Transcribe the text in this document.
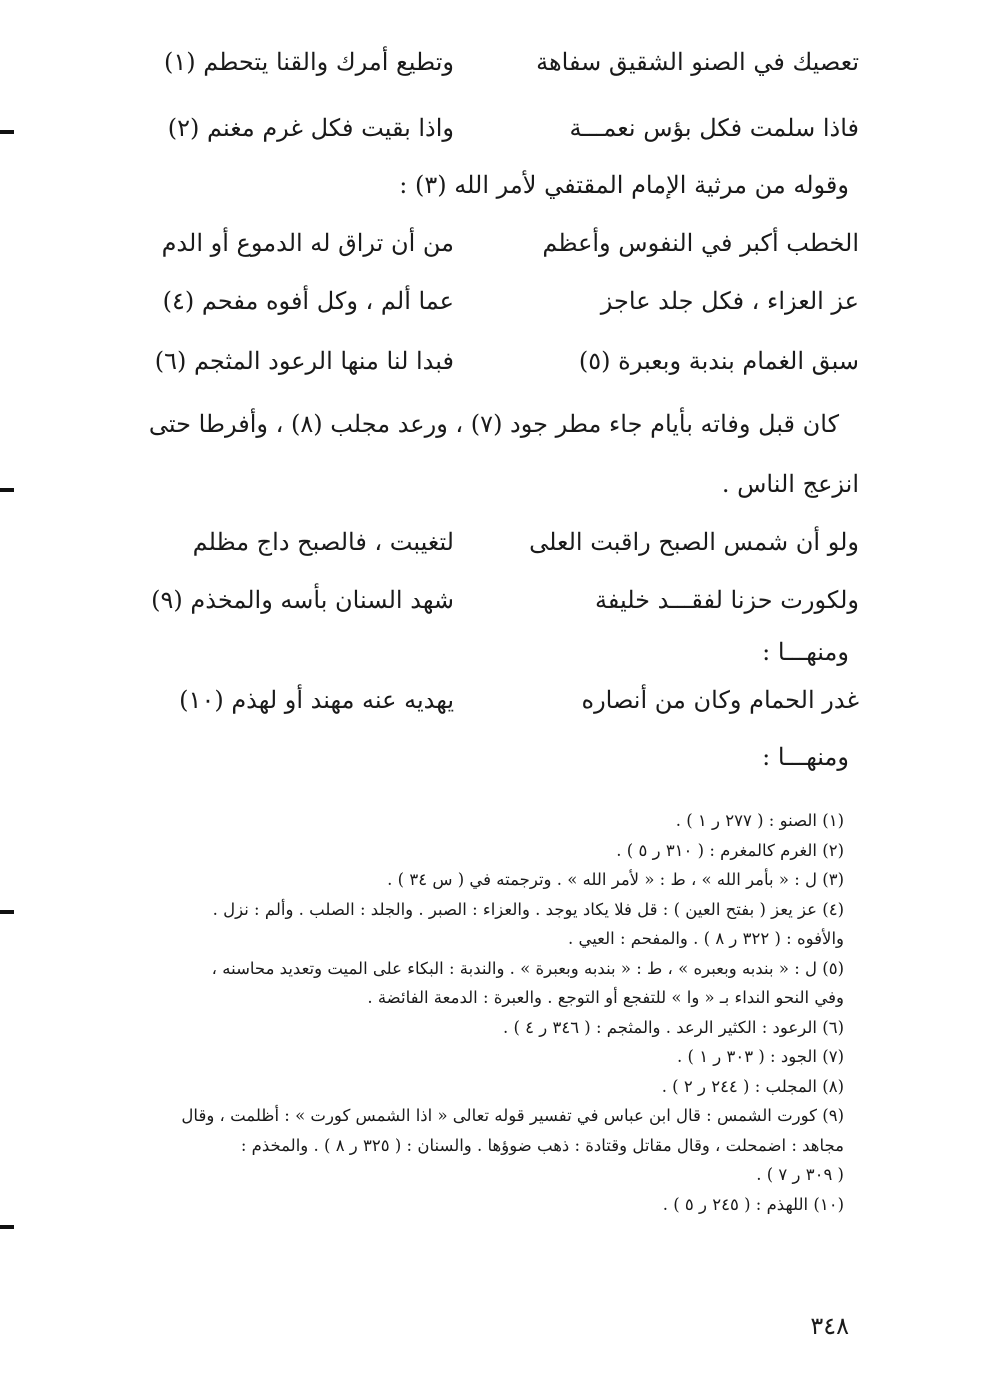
تعصيك في الصنو الشقيق سفاهة
وتطيع أمرك والقنا يتحطم (١)
فاذا سلمت فكل بؤس نعمـــة
واذا بقيت فكل غرم مغنم (٢)
وقوله من مرثية الإمام المقتفي لأمر الله (٣) :
الخطب أكبر في النفوس وأعظم
من أن تراق له الدموع أو الدم
عز العزاء ، فكل جلد عاجز
عما ألم ، وكل أفوه مفحم (٤)
سبق الغمام بندبة وبعبرة (٥)
فبدا لنا منها الرعود المثجم (٦)
كان قبل وفاته بأيام جاء مطر جود (٧) ، ورعد مجلب (٨) ، وأفرطا حتى
انزعج الناس .
ولو أن شمس الصبح راقبت العلى
لتغيبت ، فالصبح داج مظلم
ولكورت حزنا لفقـــد خليفة
شهد السنان بأسه والمخذم (٩)
ومنهـــا :
غدر الحمام وكان من أنصاره
يهديه عنه مهند أو لهذم (١٠)
ومنهـــا :
(١) الصنو : ( ٢٧٧ ر ١ ) .
(٢) الغرم كالمغرم : ( ٣١٠ ر ٥ ) .
(٣) ل : « بأمر الله » ، ط : « لأمر الله » . وترجمته في ( س ٣٤ ) .
(٤) عز يعز ( بفتح العين ) : قل فلا يكاد يوجد . والعزاء : الصبر . والجلد : الصلب . وألم : نزل .
والأفوه : ( ٣٢٢ ر ٨ ) . والمفحم : العيي .
(٥) ل : « بندبه وبعبره » ، ط : « بندبه وبعبرة » . والندبة : البكاء على الميت وتعديد محاسنه ،
وفي النحو النداء بـ « وا » للتفجع أو التوجع . والعبرة : الدمعة الفائضة .
(٦) الرعود : الكثير الرعد . والمثجم : ( ٣٤٦ ر ٤ ) .
(٧) الجود : ( ٣٠٣ ر ١ ) .
(٨) المجلب : ( ٢٤٤ ر ٢ ) .
(٩) كورت الشمس : قال ابن عباس في تفسير قوله تعالى « اذا الشمس كورت » : أظلمت ، وقال
مجاهد : اضمحلت ، وقال مقاتل وقتادة : ذهب ضوؤها . والسنان : ( ٣٢٥ ر ٨ ) . والمخذم :
( ٣٠٩ ر ٧ ) .
(١٠) اللهذم : ( ٢٤٥ ر ٥ ) .
٣٤٨
